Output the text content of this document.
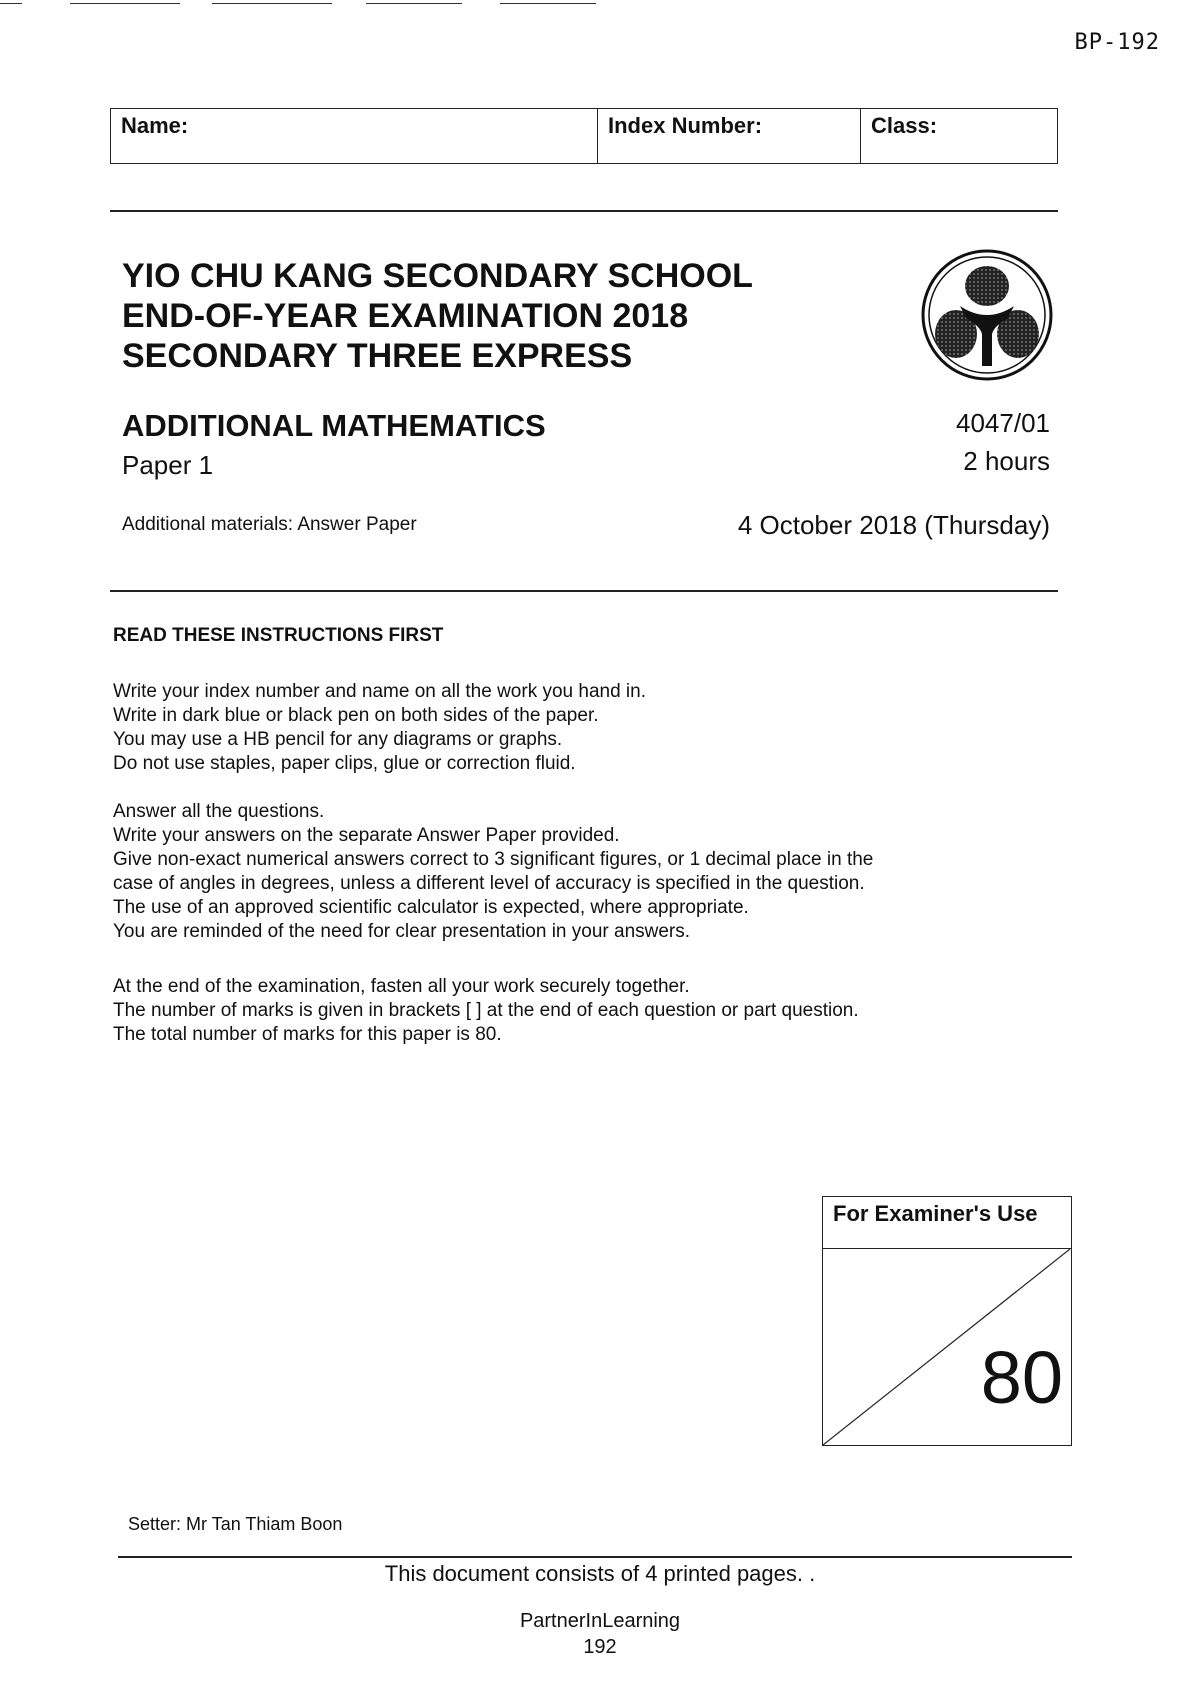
BP-192
Name:	Index Number:	Class:
YIO CHU KANG SECONDARY SCHOOL
END-OF-YEAR EXAMINATION 2018
SECONDARY THREE EXPRESS
ADDITIONAL MATHEMATICS
Paper 1
4047/01
2 hours
Additional materials: Answer Paper	4 October 2018 (Thursday)
READ THESE INSTRUCTIONS FIRST
Write your index number and name on all the work you hand in.
Write in dark blue or black pen on both sides of the paper.
You may use a HB pencil for any diagrams or graphs.
Do not use staples, paper clips, glue or correction fluid.
Answer all the questions.
Write your answers on the separate Answer Paper provided.
Give non-exact numerical answers correct to 3 significant figures, or 1 decimal place in the
case of angles in degrees, unless a different level of accuracy is specified in the question.
The use of an approved scientific calculator is expected, where appropriate.
You are reminded of the need for clear presentation in your answers.
At the end of the examination, fasten all your work securely together.
The number of marks is given in brackets [ ] at the end of each question or part question.
The total number of marks for this paper is 80.
For Examiner's Use
80
Setter: Mr Tan Thiam Boon
This document consists of 4 printed pages. .
PartnerInLearning
192
